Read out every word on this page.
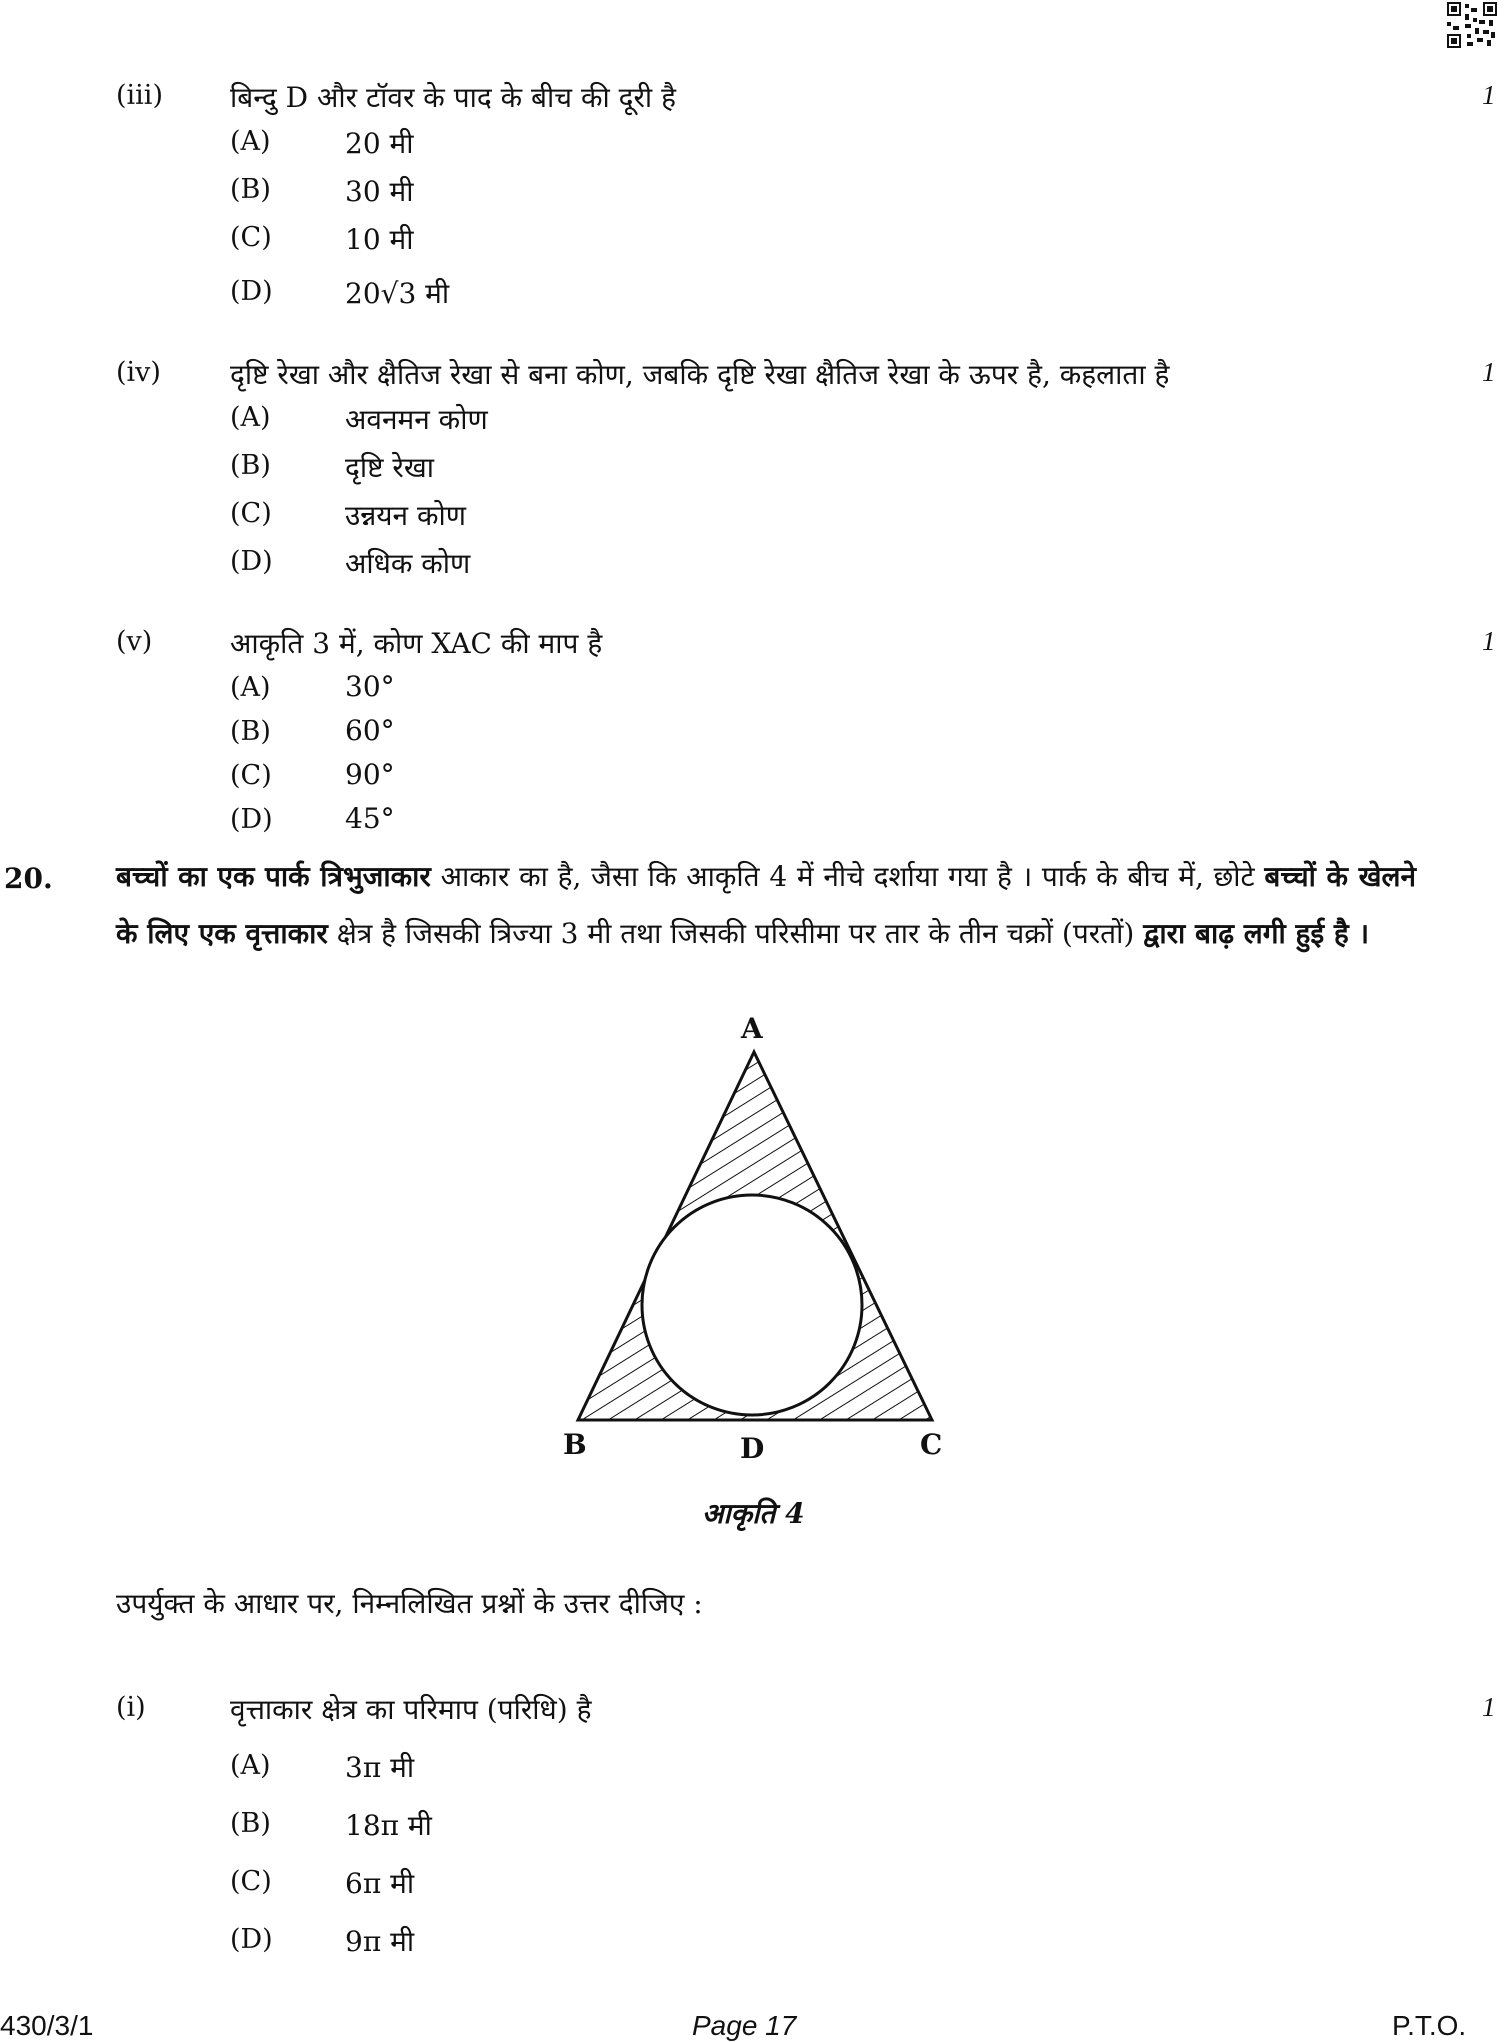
(iii) बिन्दु D और टॉवर के पाद के बीच की दूरी है	1
(A)	20 मी
(B)	30 मी
(C)	10 मी
(D)	20√3 मी
(iv) दृष्टि रेखा और क्षैतिज रेखा से बना कोण, जबकि दृष्टि रेखा क्षैतिज रेखा के ऊपर है, कहलाता है	1
(A)	अवनमन कोण
(B)	दृष्टि रेखा
(C)	उन्नयन कोण
(D)	अधिक कोण
(v)	आकृति 3 में, कोण XAC की माप है	1
(A)	30°
(B)	60°
(C)	90°
(D)	45°
20. बच्चों का एक पार्क त्रिभुजाकार आकार का है, जैसा कि आकृति 4 में नीचे दर्शाया गया है । पार्क के बीच में, छोटे बच्चों के खेलने के लिए एक वृत्ताकार क्षेत्र है जिसकी त्रिज्या 3 मी तथा जिसकी परिसीमा पर तार के तीन चक्रों (परतों) द्वारा बाढ़ लगी हुई है ।
A
B	D	C
आकृति 4
उपर्युक्त के आधार पर, निम्नलिखित प्रश्नों के उत्तर दीजिए :
(i)	वृत्ताकार क्षेत्र का परिमाप (परिधि) है	1
(A)	3π मी
(B)	18π मी
(C)	6π मी
(D)	9π मी
430/3/1	Page 17	P.T.O.
